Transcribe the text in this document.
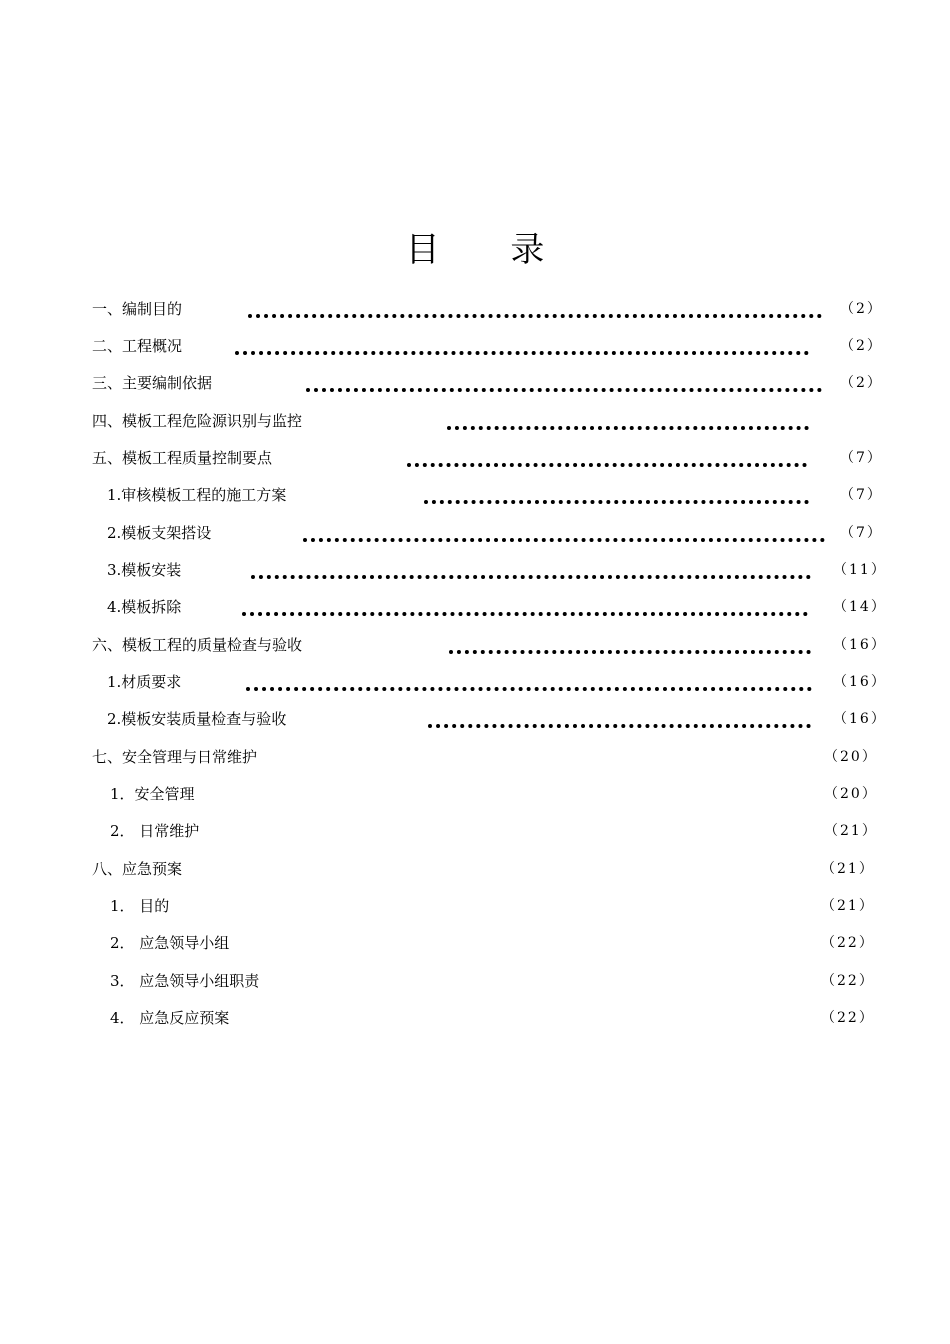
目 录
一、编制目的	（2）
二、工程概况	（2）
三、主要编制依据	（2）
四、模板工程危险源识别与监控
五、模板工程质量控制要点	（7）
1.审核模板工程的施工方案	（7）
2.模板支架搭设	（7）
3.模板安装	（11）
4.模板拆除	（14）
六、模板工程的质量检查与验收	（16）
1.材质要求	（16）
2.模板安装质量检查与验收	（16）
七、安全管理与日常维护	（20）
1．安全管理	（20）
2． 日常维护	（21）
八、应急预案	（21）
1． 目的	（21）
2． 应急领导小组	（22）
3． 应急领导小组职责	（22）
4． 应急反应预案	（22）
